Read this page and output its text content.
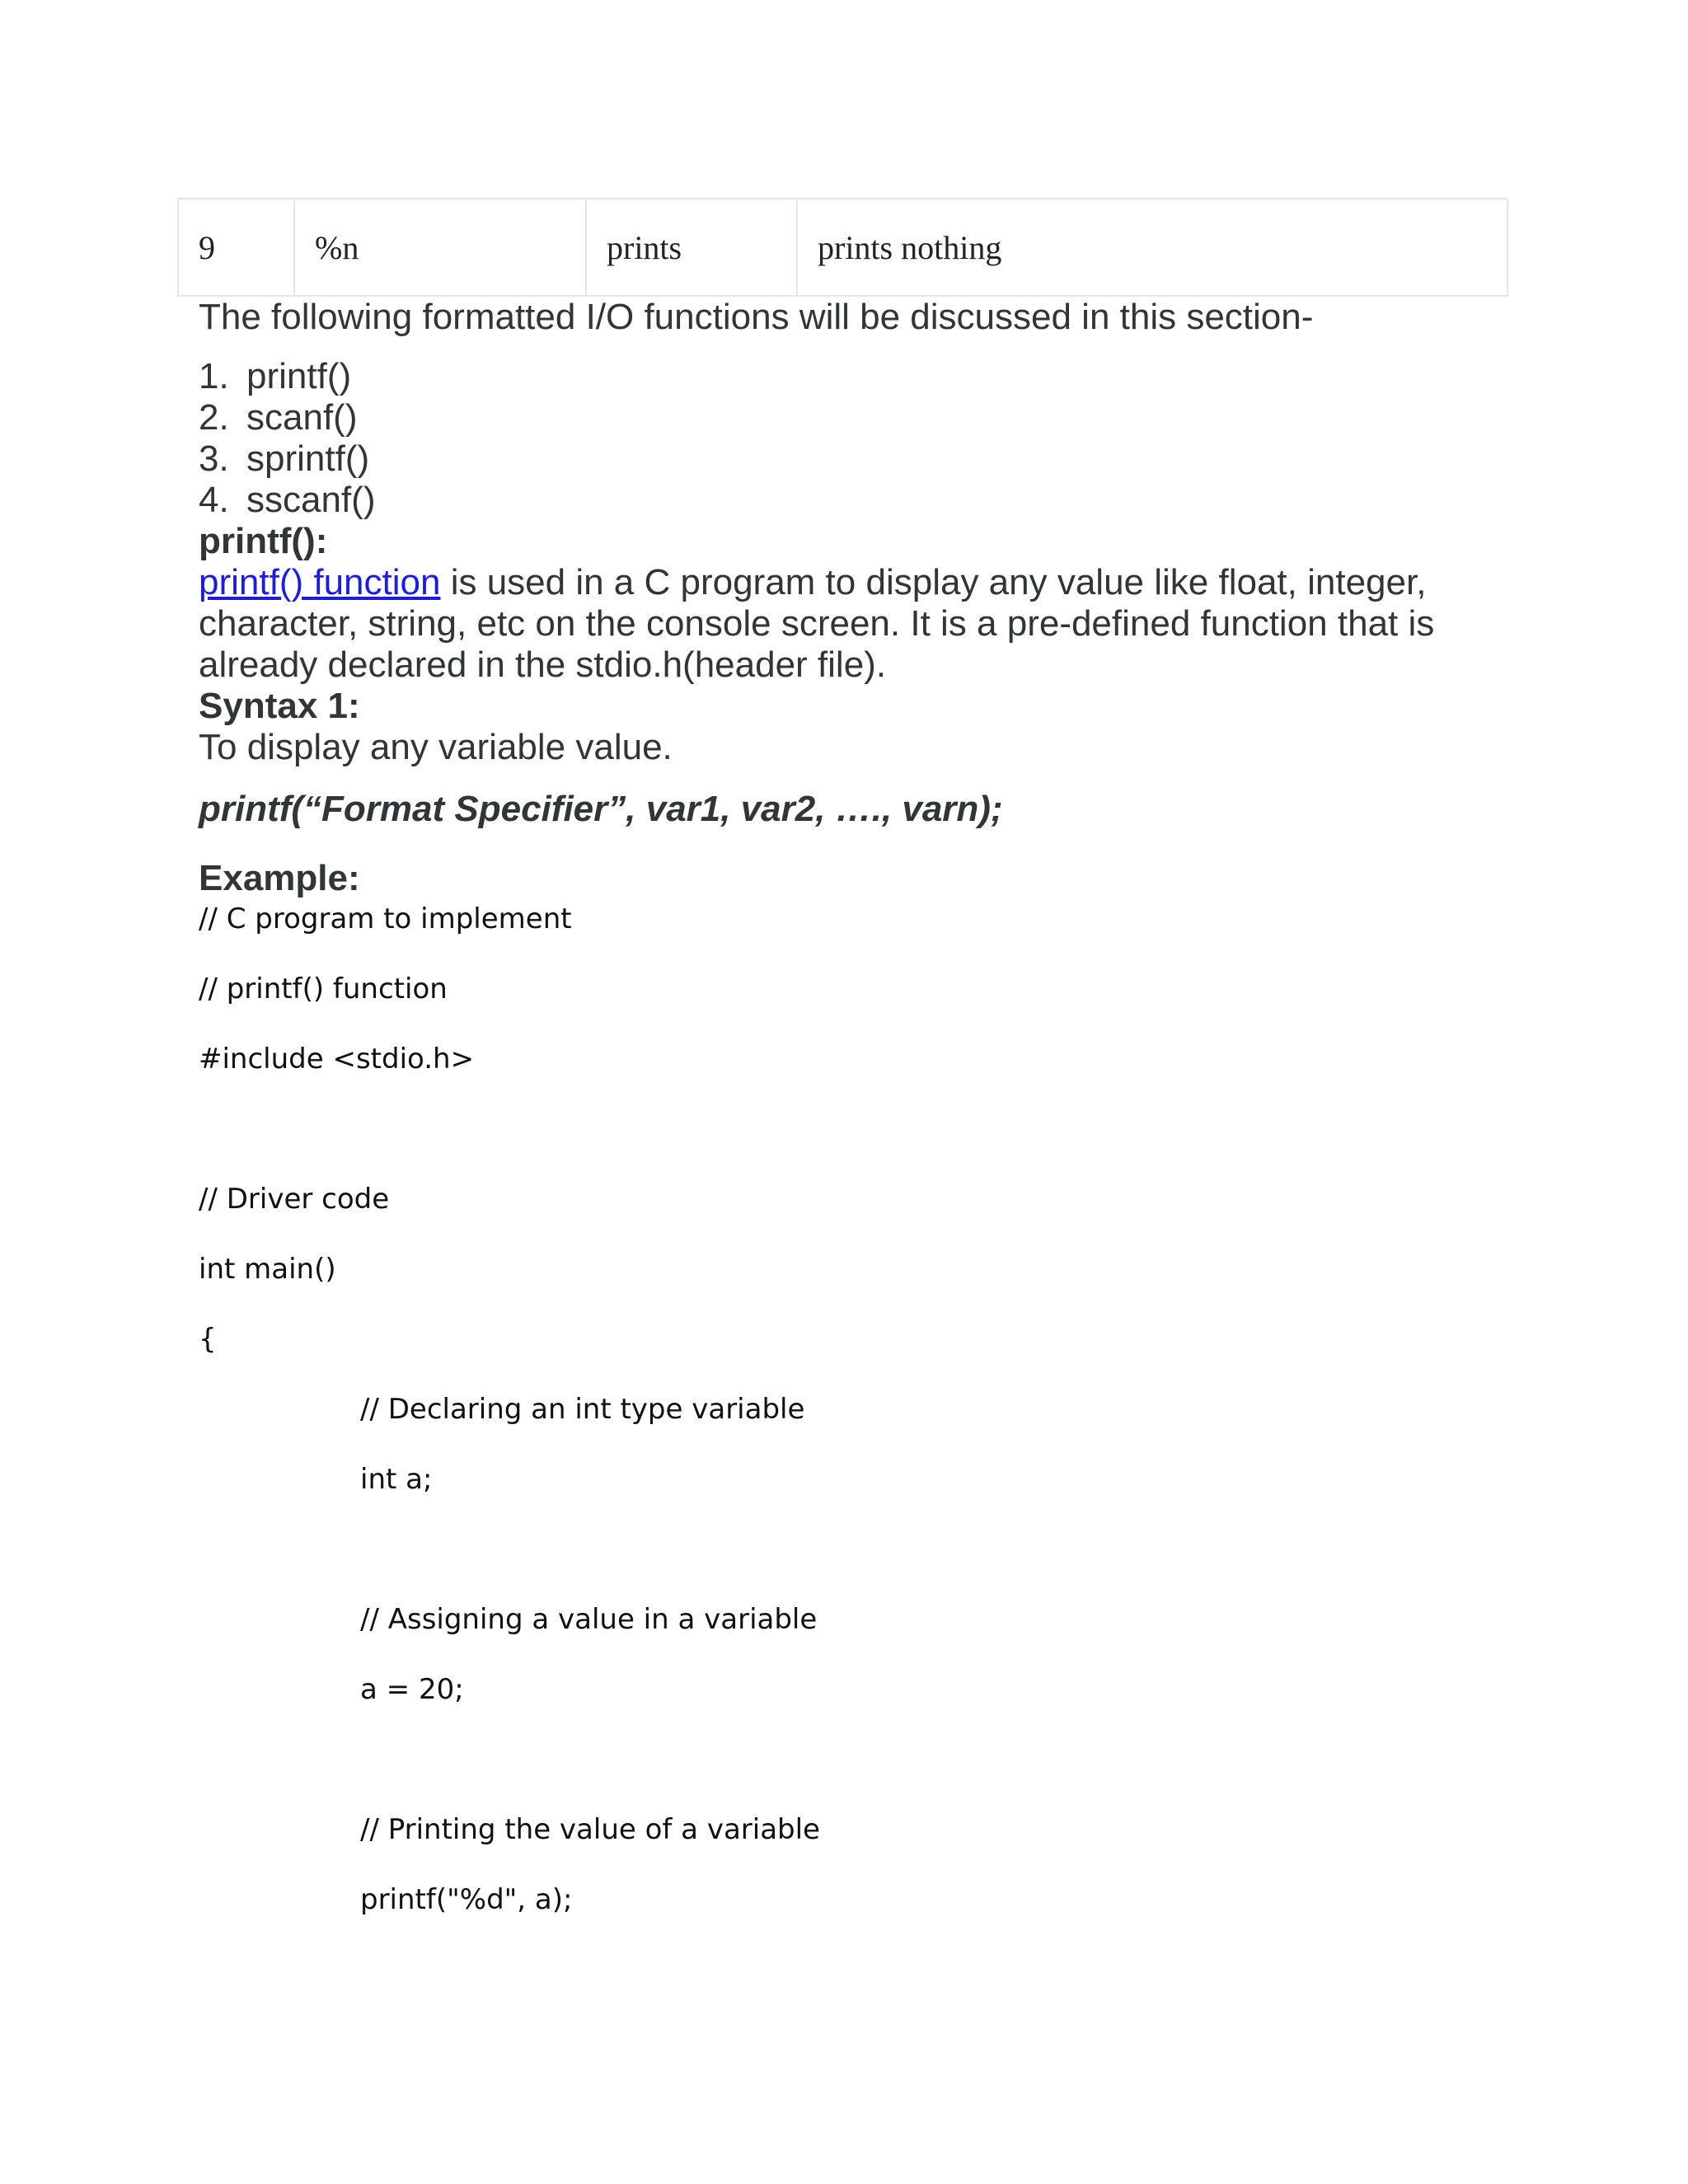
9	%n	prints	prints nothing
The following formatted I/O functions will be discussed in this section-
1. printf()
2. scanf()
3. sprintf()
4. sscanf()
printf():

printf() function is used in a C program to display any value like float, integer,

character, string, etc on the console screen. It is a pre-defined function that is

already declared in the stdio.h(header file).

Syntax 1:
To display any variable value.
printf(“Format Specifier”, var1, var2, …., varn);
Example:
// C program to implement
// printf() function
#include <stdio.h>
// Driver code
int main()
{
// Declaring an int type variable
int a;
// Assigning a value in a variable
a = 20;
// Printing the value of a variable
printf("%d", a);
